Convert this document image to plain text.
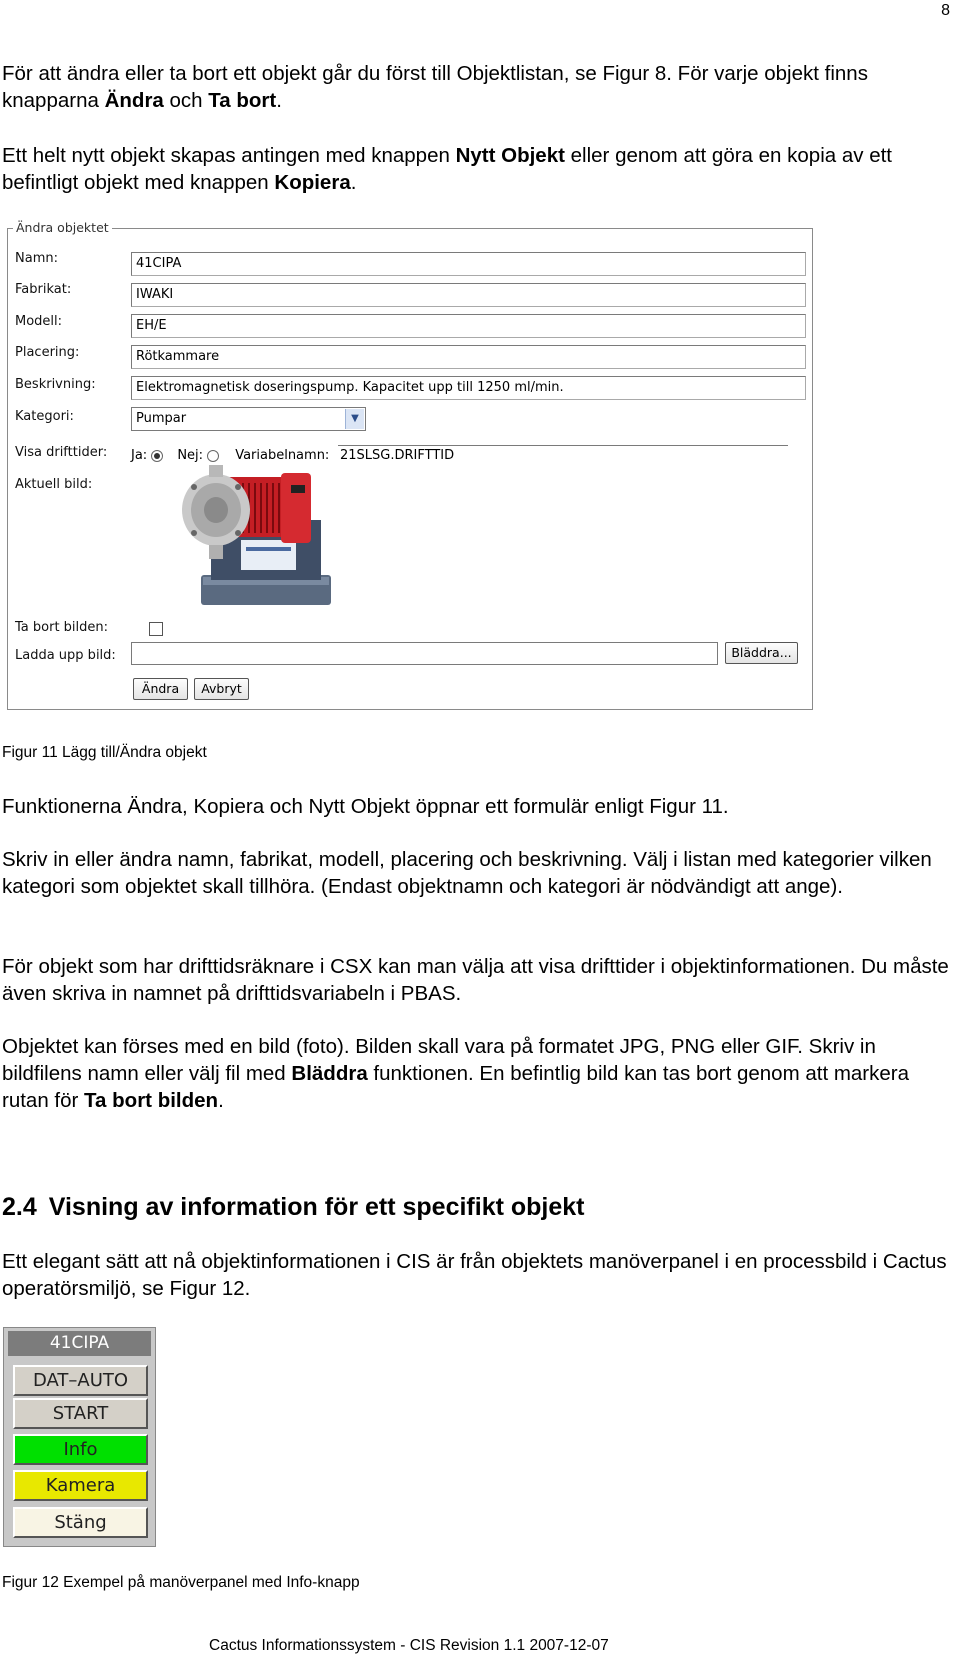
8

För att ändra eller ta bort ett objekt går du först till Objektlistan, se Figur 8. För varje objekt finns knapparna Ändra och Ta bort.

Ett helt nytt objekt skapas antingen med knappen Nytt Objekt eller genom att göra en kopia av ett befintligt objekt med knappen Kopiera.

Ändra objektet
Namn:	41CIPA
Fabrikat:	IWAKI
Modell:	EH/E
Placering:	Rötkammare
Beskrivning:	Elektromagnetisk doseringspump. Kapacitet upp till 1250 ml/min.
Kategori:	Pumpar	▼
Visa drifttider: Ja: Nej: Variabelnamn: 21SLSG.DRIFTTID
Aktuell bild:
Ta bort bilden:
Ladda upp bild:	Bläddra...
Ändra	Avbryt
Figur 11 Lägg till/Ändra objekt

Funktionerna Ändra, Kopiera och Nytt Objekt öppnar ett formulär enligt Figur 11.

Skriv in eller ändra namn, fabrikat, modell, placering och beskrivning. Välj i listan med kategorier vilken kategori som objektet skall tillhöra. (Endast objektnamn och kategori är nödvändigt att ange).

För objekt som har drifttidsräknare i CSX kan man välja att visa drifttider i objektinformationen. Du måste även skriva in namnet på drifttidsvariabeln i PBAS.

Objektet kan förses med en bild (foto). Bilden skall vara på formatet JPG, PNG eller GIF. Skriv in bildfilens namn eller välj fil med Bläddra funktionen. En befintlig bild kan tas bort genom att markera rutan för Ta bort bilden.

2.4 Visning av information för ett specifikt objekt

Ett elegant sätt att nå objektinformationen i CIS är från objektets manöverpanel i en processbild i Cactus operatörsmiljö, se Figur 12.

41CIPA
DAT–AUTO
START
Info
Kamera
Stäng
Figur 12 Exempel på manöverpanel med Info-knapp
Cactus Informationssystem - CIS Revision 1.1 2007-12-07
